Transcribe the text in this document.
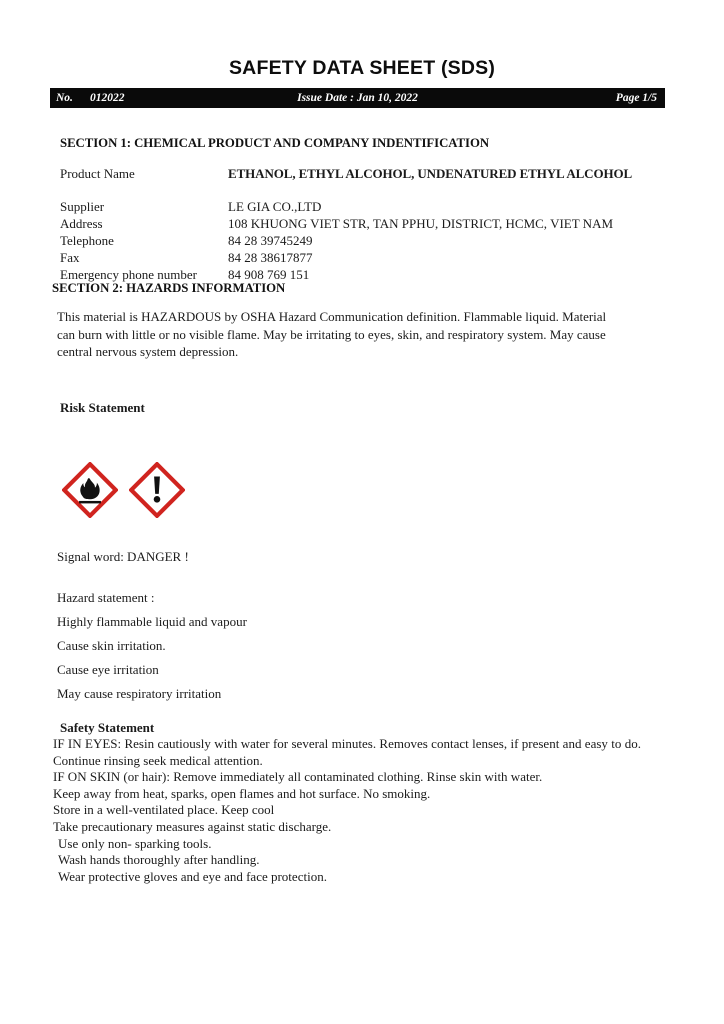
SAFETY DATA SHEET (SDS)
No.	012022	Issue Date : Jan 10, 2022	Page 1/5
SECTION 1: CHEMICAL PRODUCT AND COMPANY INDENTIFICATION
Product Name	ETHANOL, ETHYL ALCOHOL, UNDENATURED ETHYL ALCOHOL
Supplier	LE GIA CO.,LTD
Address	108 KHUONG VIET STR, TAN PPHU, DISTRICT, HCMC, VIET NAM
Telephone	84 28 39745249
Fax	84 28 38617877
Emergency phone number 84 908 769 151
SECTION 2: HAZARDS INFORMATION
This material is HAZARDOUS by OSHA Hazard Communication definition. Flammable liquid. Material can burn with little or no visible flame. May be irritating to eyes, skin, and respiratory system. May cause central nervous system depression.
Risk Statement
Signal word: DANGER !
Hazard statement :
Highly flammable liquid and vapour
Cause skin irritation.
Cause eye irritation
May cause respiratory irritation
Safety Statement
IF IN EYES: Resin cautiously with water for several minutes. Removes contact lenses, if present and easy to do. Continue rinsing seek medical attention.
IF ON SKIN (or hair): Remove immediately all contaminated clothing. Rinse skin with water.
Keep away from heat, sparks, open flames and hot surface. No smoking.
Store in a well-ventilated place. Keep cool
Take precautionary measures against static discharge.
Use only non- sparking tools.
Wash hands thoroughly after handling.
Wear protective gloves and eye and face protection.
